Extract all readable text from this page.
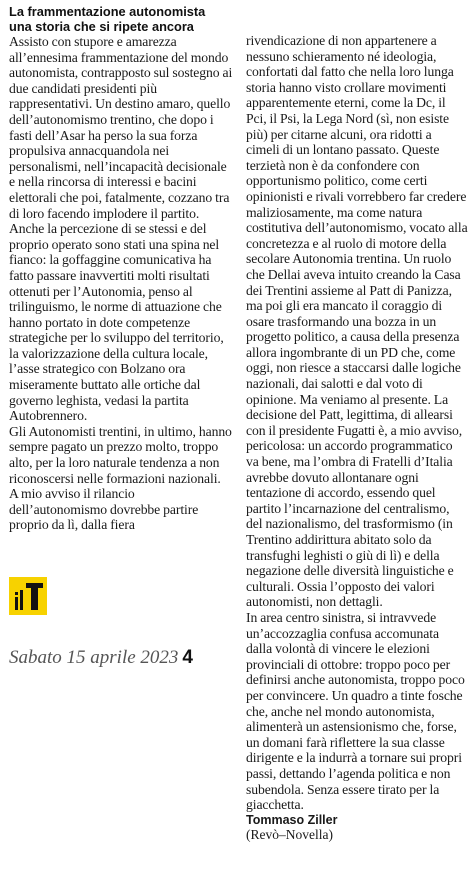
La frammentazione autonomista

una storia che si ripete ancora

Assisto con stupore e amarezza all’ennesima frammentazione del mondo autonomista, contrapposto sul sostegno ai due candidati presidenti più rappresentativi. Un destino amaro, quello dell’autonomismo trentino, che dopo i fasti dell’Asar ha perso la sua forza propulsiva annacquandola nei personalismi, nell’incapacità decisionale e nella rincorsa di interessi e bacini elettorali che poi, fatalmente, cozzano tra di loro facendo implodere il partito. Anche la percezione di se stessi e del proprio operato sono stati una spina nel fianco: la goffaggine comunicativa ha fatto passare inavvertiti molti risultati ottenuti per l’Autonomia, penso al trilinguismo, le norme di attuazione che hanno portato in dote competenze strategiche per lo sviluppo del territorio, la valorizzazione della cultura locale, l’asse strategico con Bolzano ora miseramente buttato alle ortiche dal governo leghista, vedasi la partita Autobrennero.

Gli Autonomisti trentini, in ultimo, hanno sempre pagato un prezzo molto, troppo alto, per la loro naturale tendenza a non riconoscersi nelle formazioni nazionali.

A mio avviso il rilancio dell’autonomismo dovrebbe partire proprio da lì, dalla fiera

Sabato 15 aprile 2023 4

rivendicazione di non appartenere a nessuno schieramento né ideologia, confortati dal fatto che nella loro lunga storia hanno visto crollare movimenti apparentemente eterni, come la Dc, il Pci, il Psi, la Lega Nord (sì, non esiste più) per citarne alcuni, ora ridotti a cimeli di un lontano passato. Queste terzietà non è da confondere con opportunismo politico, come certi opinionisti e rivali vorrebbero far credere maliziosamente, ma come natura costitutiva dell’autonomismo, vocato alla concretezza e al ruolo di motore della secolare Autonomia trentina. Un ruolo che Dellai aveva intuito creando la Casa dei Trentini assieme al Patt di Panizza, ma poi gli era mancato il coraggio di osare trasformando una bozza in un progetto politico, a causa della presenza allora ingombrante di un PD che, come oggi, non riesce a staccarsi dalle logiche nazionali, dai salotti e dal voto di opinione. Ma veniamo al presente. La decisione del Patt, legittima, di allearsi con il presidente Fugatti è, a mio avviso, pericolosa: un accordo programmatico va bene, ma l’ombra di Fratelli d’Italia avrebbe dovuto allontanare ogni tentazione di accordo, essendo quel partito l’incarnazione del centralismo, del nazionalismo, del trasformismo (in Trentino addirittura abitato solo da transfughi leghisti o giù di lì) e della negazione delle diversità linguistiche e culturali. Ossia l’opposto dei valori autonomisti, non dettagli.

In area centro sinistra, si intravvede un’accozzaglia confusa accomunata dalla volontà di vincere le elezioni provinciali di ottobre: troppo poco per definirsi anche autonomista, troppo poco per convincere. Un quadro a tinte fosche che, anche nel mondo autonomista, alimenterà un astensionismo che, forse, un domani farà riflettere la sua classe dirigente e la indurrà a tornare sui propri passi, dettando l’agenda politica e non subendola. Senza essere tirato per la giacchetta.

Tommaso Ziller

(Revò–Novella)
